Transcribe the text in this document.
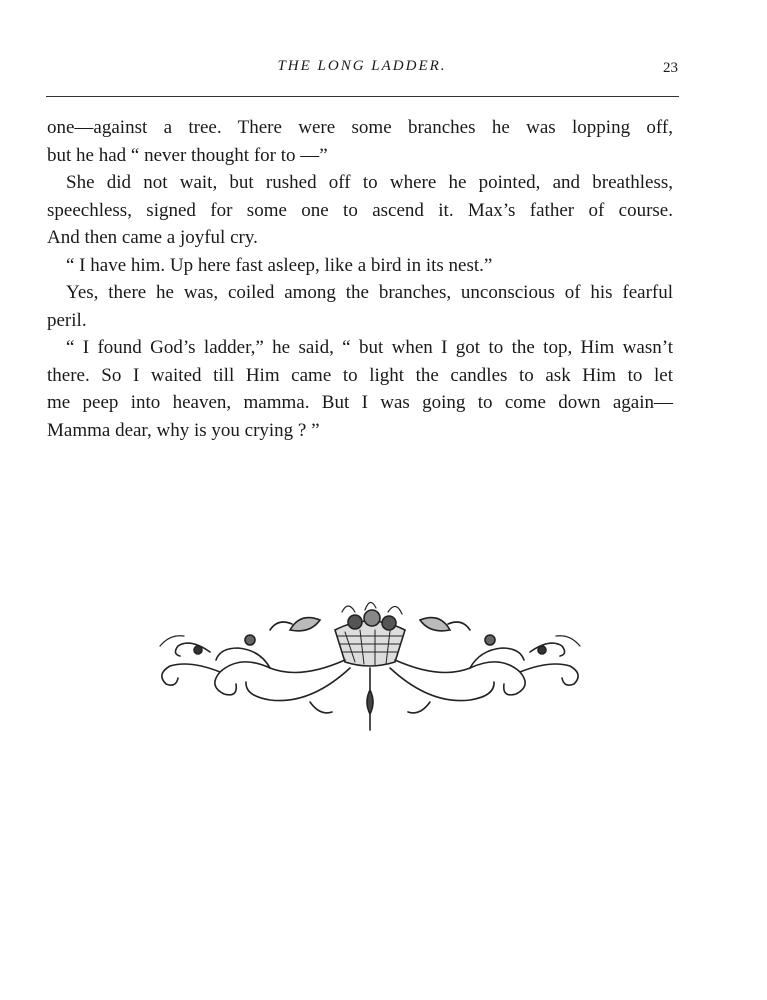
THE LONG LADDER.	23
one—against a tree. There were some branches he was lopping off,
but he had “ never thought for to —”
She did not wait, but rushed off to where he pointed, and breathless,
speechless, signed for some one to ascend it. Max’s father of course.
And then came a joyful cry.
“ I have him. Up here fast asleep, like a bird in its nest.”
Yes, there he was, coiled among the branches, unconscious of his fearful
peril.
“ I found God’s ladder,” he said, “ but when I got to the top, Him wasn’t
there. So I waited till Him came to light the candles to ask Him to let
me peep into heaven, mamma. But I was going to come down again—
Mamma dear, why is you crying ? ”
